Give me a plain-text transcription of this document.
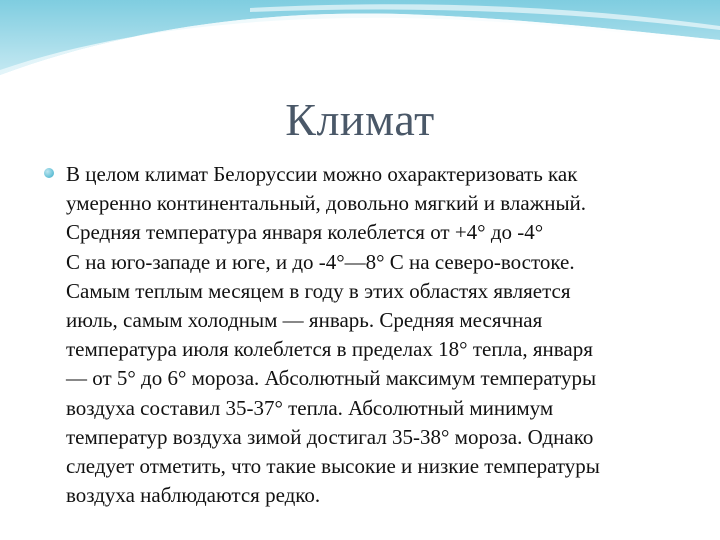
Климат

В целом климат Белоруссии можно охарактеризовать как
умеренно континентальный, довольно мягкий и влажный.
Средняя температура января колеблется от +4° до -4°
С на юго-западе и юге, и до -4°—8° С на северо-востоке.
Самым теплым месяцем в году в этих областях является
июль, самым холодным — январь. Средняя месячная
температура июля колеблется в пределах 18° тепла, января
— от 5° до 6° мороза. Абсолютный максимум температуры
воздуха составил 35-37° тепла. Абсолютный минимум
температур воздуха зимой достигал 35-38° мороза. Однако
следует отметить, что такие высокие и низкие температуры
воздуха наблюдаются редко.
